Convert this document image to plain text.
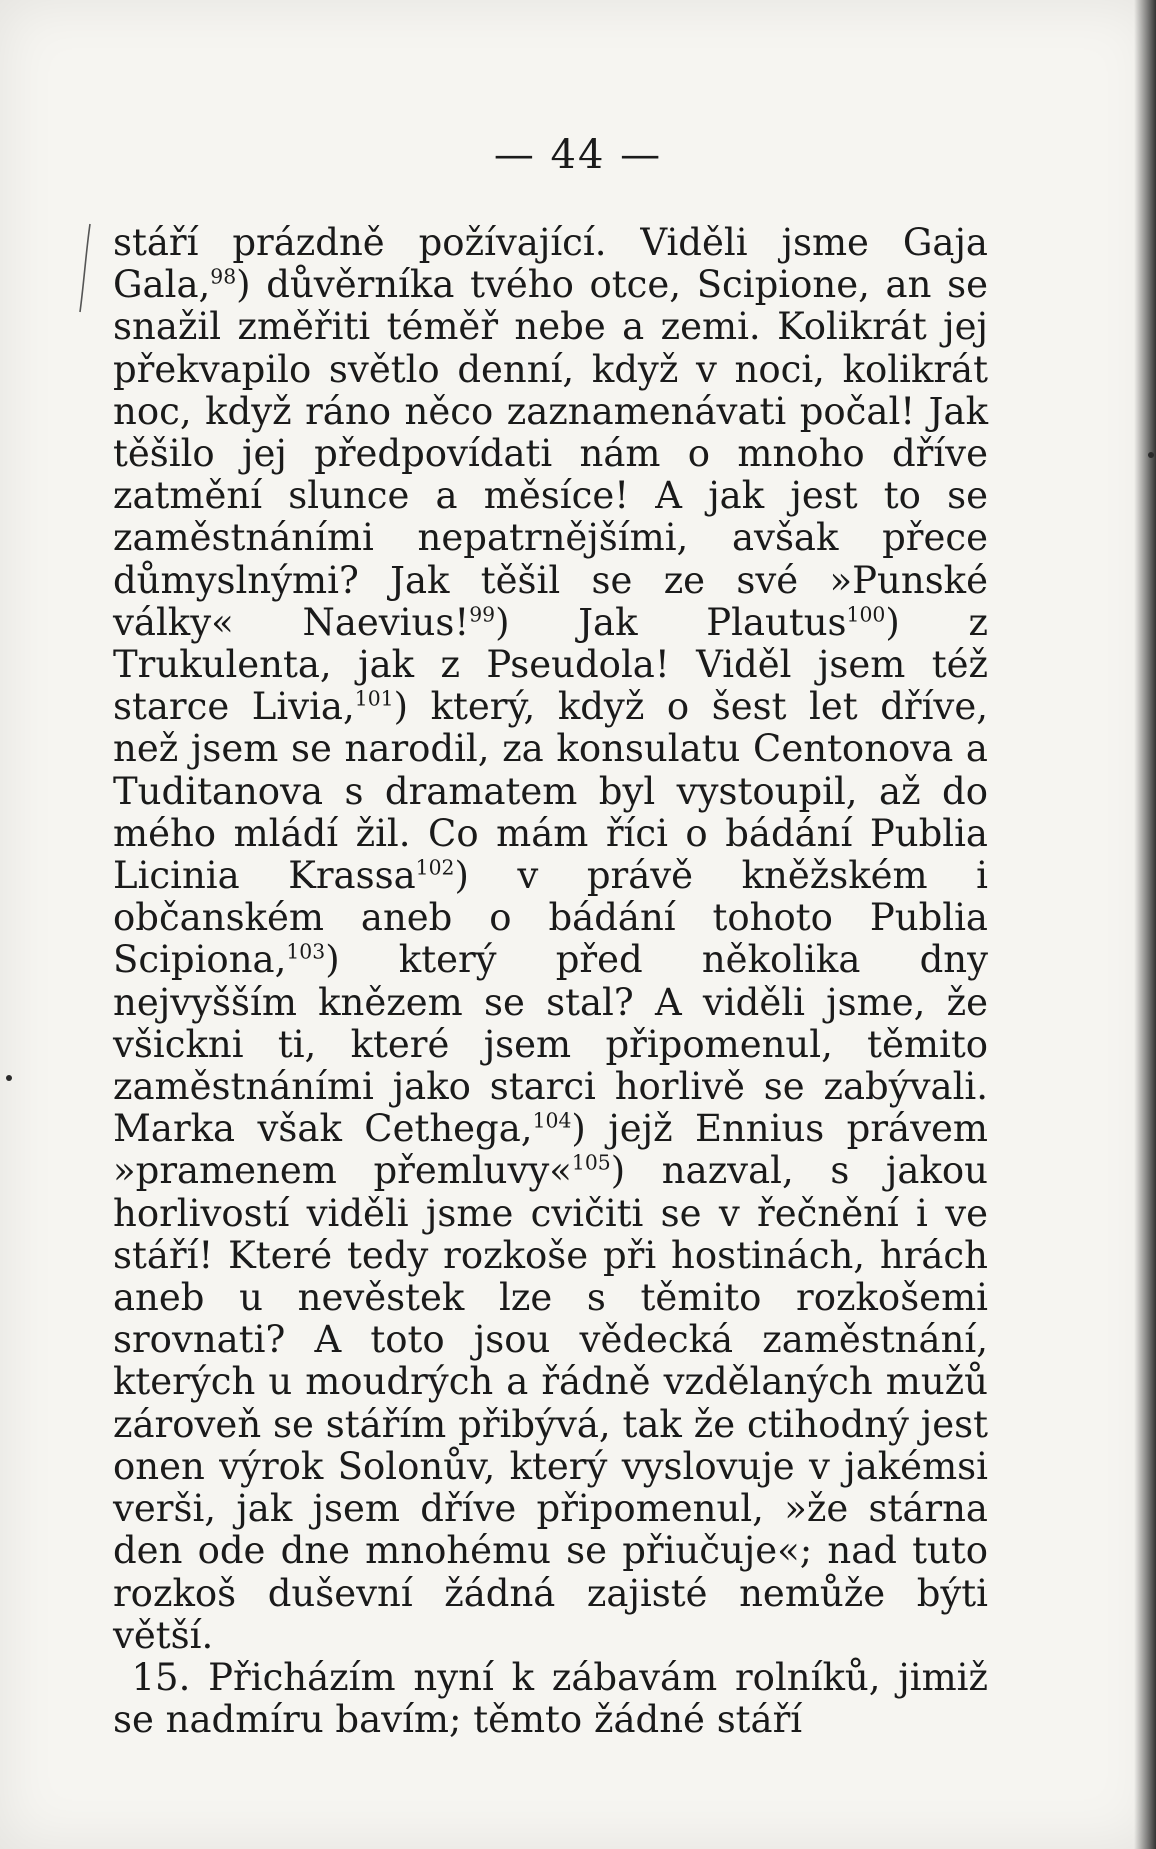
— 44 —

stáří prázdně požívající. Viděli jsme Gaja Gala,$^{98}$) důvěrníka tvého otce, Scipione, an se snažil změřiti téměř nebe a zemi. Kolikrát jej překvapilo světlo denní, když v noci, kolikrát noc, když ráno něco zaznamenávati počal! Jak těšilo jej předpovídati nám o mnoho dříve zatmění slunce a měsíce! A jak jest to se zaměstnáními nepatrnějšími, avšak přece důmyslnými? Jak těšil se ze své »Punské války« Naevius!$^{99}$) Jak Plautus$^{100}$) z Trukulenta, jak z Pseudola! Viděl jsem též starce Livia,$^{101}$) který, když o šest let dříve, než jsem se narodil, za konsulatu Centonova a Tuditanova s dramatem byl vystoupil, až do mého mládí žil. Co mám říci o bádání Publia Licinia Krassa$^{102}$) v právě kněžském i občanském aneb o bádání tohoto Publia Scipiona,$^{103}$) který před několika dny nejvyšším knězem se stal? A viděli jsme, že všickni ti, které jsem připomenul, těmito zaměstnáními jako starci horlivě se zabývali. Marka však Cethega,$^{104}$) jejž Ennius právem »pramenem přemluvy«$^{105}$) nazval, s jakou horlivostí viděli jsme cvičiti se v řečnění i ve stáří! Které tedy rozkoše při hostinách, hrách aneb u nevěstek lze s těmito rozkošemi srovnati? A toto jsou vědecká zaměstnání, kterých u moudrých a řádně vzdělaných mužů zároveň se stářím přibývá, tak že ctihodný jest onen výrok Solonův, který vyslovuje v jakémsi verši, jak jsem dříve připomenul, »že stárna den ode dne mnohému se přiučuje«; nad tuto rozkoš duševní žádná zajisté nemůže býti větší.

15. Přicházím nyní k zábavám rolníků, jimiž se nadmíru bavím; těmto žádné stáří
